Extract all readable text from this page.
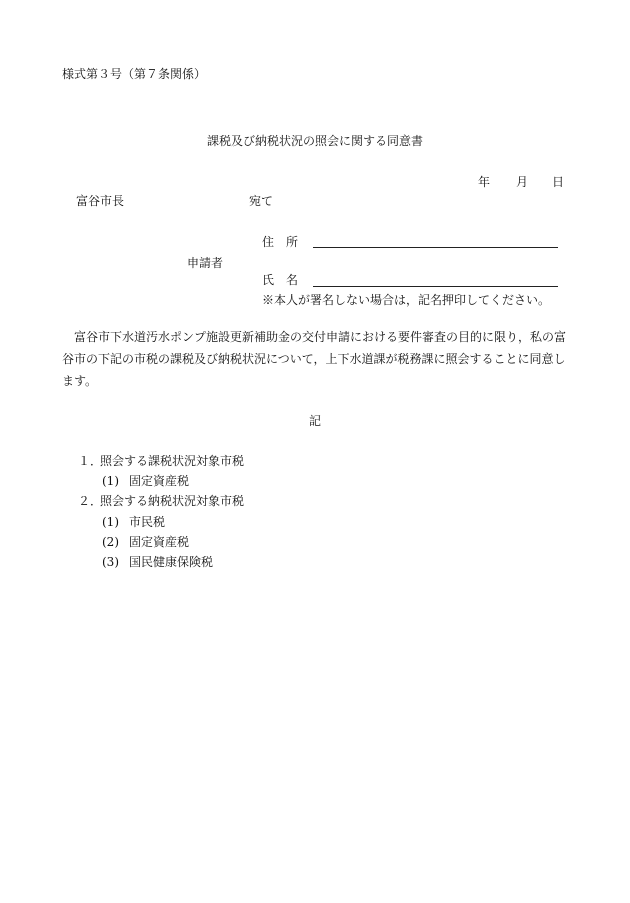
様式第３号（第７条関係）
課税及び納税状況の照会に関する同意書
年 月 日
富谷市長	宛て
住　所
申請者
氏　名
※本人が署名しない場合は，記名押印してください。
富谷市下水道汚水ポンプ施設更新補助金の交付申請における要件審査の目的に限り，私の富谷市の下記の市税の課税及び納税状況について，上下水道課が税務課に照会することに同意します。
記
１．
照会する課税状況対象市税
(1) 固定資産税
２．
照会する納税状況対象市税
(1) 市民税
(2) 固定資産税
(3) 国民健康保険税
